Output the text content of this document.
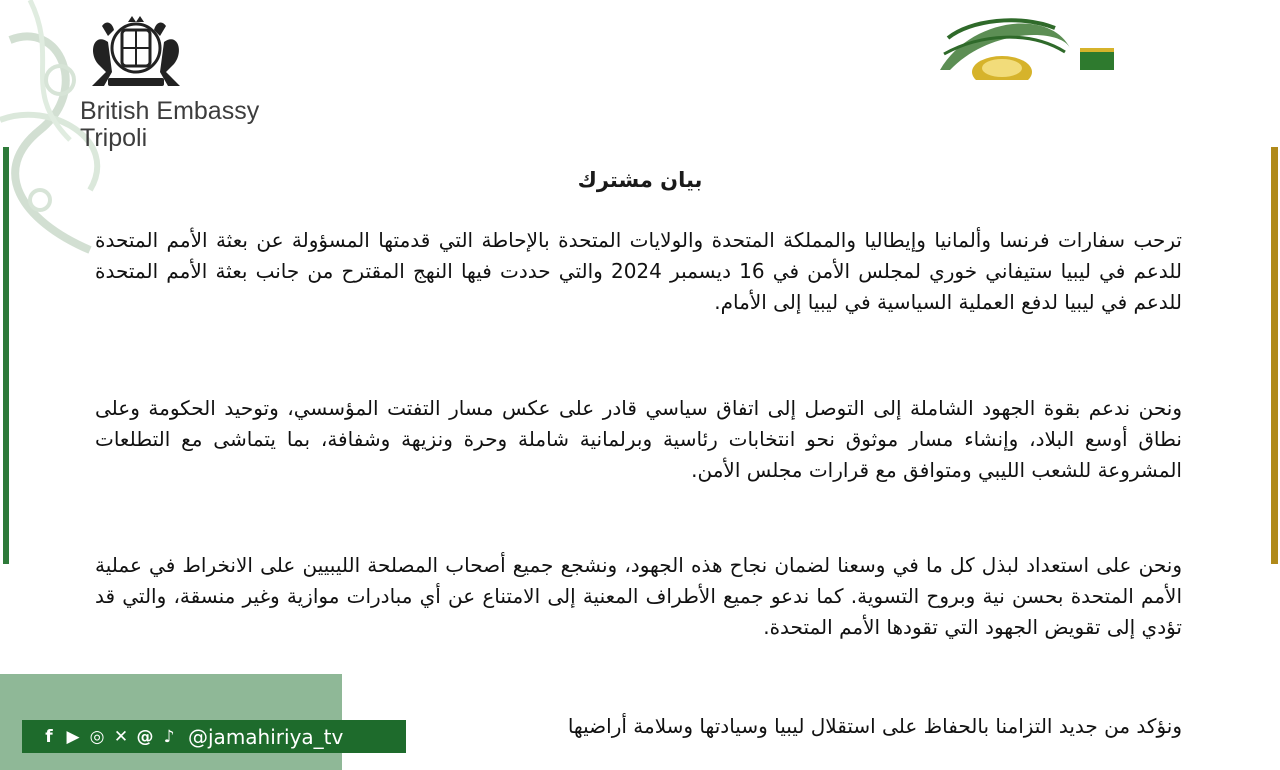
British Embassy
Tripoli
بيان مشترك
ترحب سفارات فرنسا وألمانيا وإيطاليا والمملكة المتحدة والولايات المتحدة بالإحاطة التي قدمتها المسؤولة عن بعثة الأمم المتحدة للدعم في ليبيا ستيفاني خوري لمجلس الأمن في 16 ديسمبر 2024 والتي حددت فيها النهج المقترح من جانب بعثة الأمم المتحدة للدعم في ليبيا لدفع العملية السياسية في ليبيا إلى الأمام.
ونحن ندعم بقوة الجهود الشاملة إلى التوصل إلى اتفاق سياسي قادر على عكس مسار التفتت المؤسسي، وتوحيد الحكومة وعلى نطاق أوسع البلاد، وإنشاء مسار موثوق نحو انتخابات رئاسية وبرلمانية شاملة وحرة ونزيهة وشفافة، بما يتماشى مع التطلعات المشروعة للشعب الليبي ومتوافق مع قرارات مجلس الأمن.
ونحن على استعداد لبذل كل ما في وسعنا لضمان نجاح هذه الجهود، ونشجع جميع أصحاب المصلحة الليبيين على الانخراط في عملية الأمم المتحدة بحسن نية وبروح التسوية. كما ندعو جميع الأطراف المعنية إلى الامتناع عن أي مبادرات موازية وغير منسقة، والتي قد تؤدي إلى تقويض الجهود التي تقودها الأمم المتحدة.
ونؤكد من جديد التزامنا بالحفاظ على استقلال ليبيا وسيادتها وسلامة أراضيها
f ▶ ◎ ✕ @ ♪ @jamahiriya_tv
